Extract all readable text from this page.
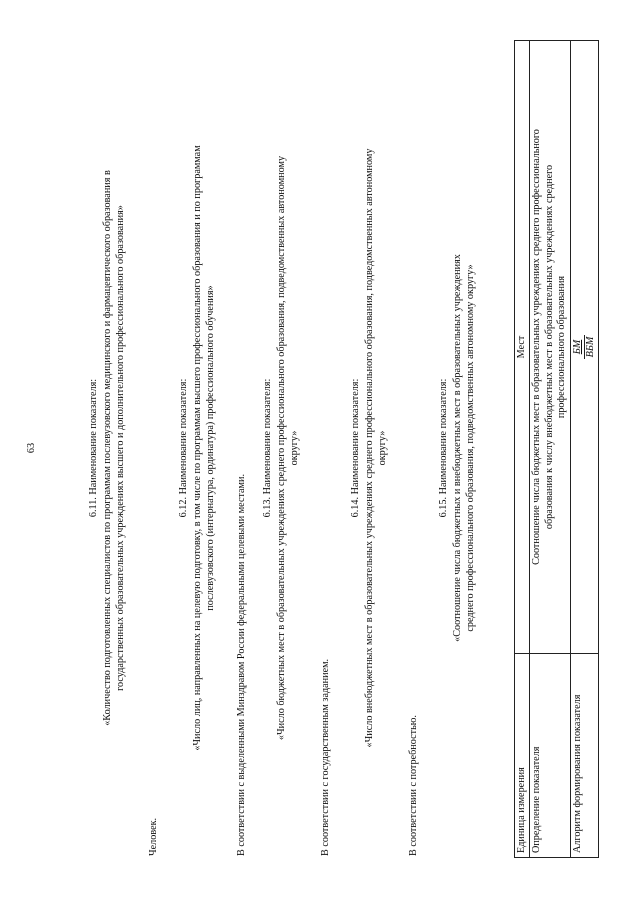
63	6.11. Наименование показателя: «Количество подготовленных специалистов по программам послевузовского медицинского и фармацевтического образования в государственных образовательных учреждениях высшего и дополнительного профессионального образования»
Человек.
6.12. Наименование показателя: «Число лиц, направленных на целевую подготовку, в том числе по программам высшего профессионального образования и по программам послевузовского (интернатура, ординатура) профессионального обучения»
В соответствии с выделенными Минздравом России федеральными целевыми местами.
6.13. Наименование показателя: «Число бюджетных мест в образовательных учреждениях среднего профессионального образования, подведомственных автономному округу»
В соответствии с государственным заданием.
6.14. Наименование показателя: «Число внебюджетных мест в образовательных учреждениях среднего профессионального образования, подведомственных автономному округу»
В соответствии с потребностью.
6.15. Наименование показателя: «Соотношение числа бюджетных и внебюджетных мест в образовательных учреждениях среднего профессионального образования, подведомственных автономному округу»
Единица измерения	Мест
Определение показателя	Соотношение числа бюджетных мест в образовательных учреждениях среднего профессионального образования к числу внебюджетных мест в образовательных учреждениях среднего профессионального образования

Алгоритм формирования показателя	БМ ВБМ
